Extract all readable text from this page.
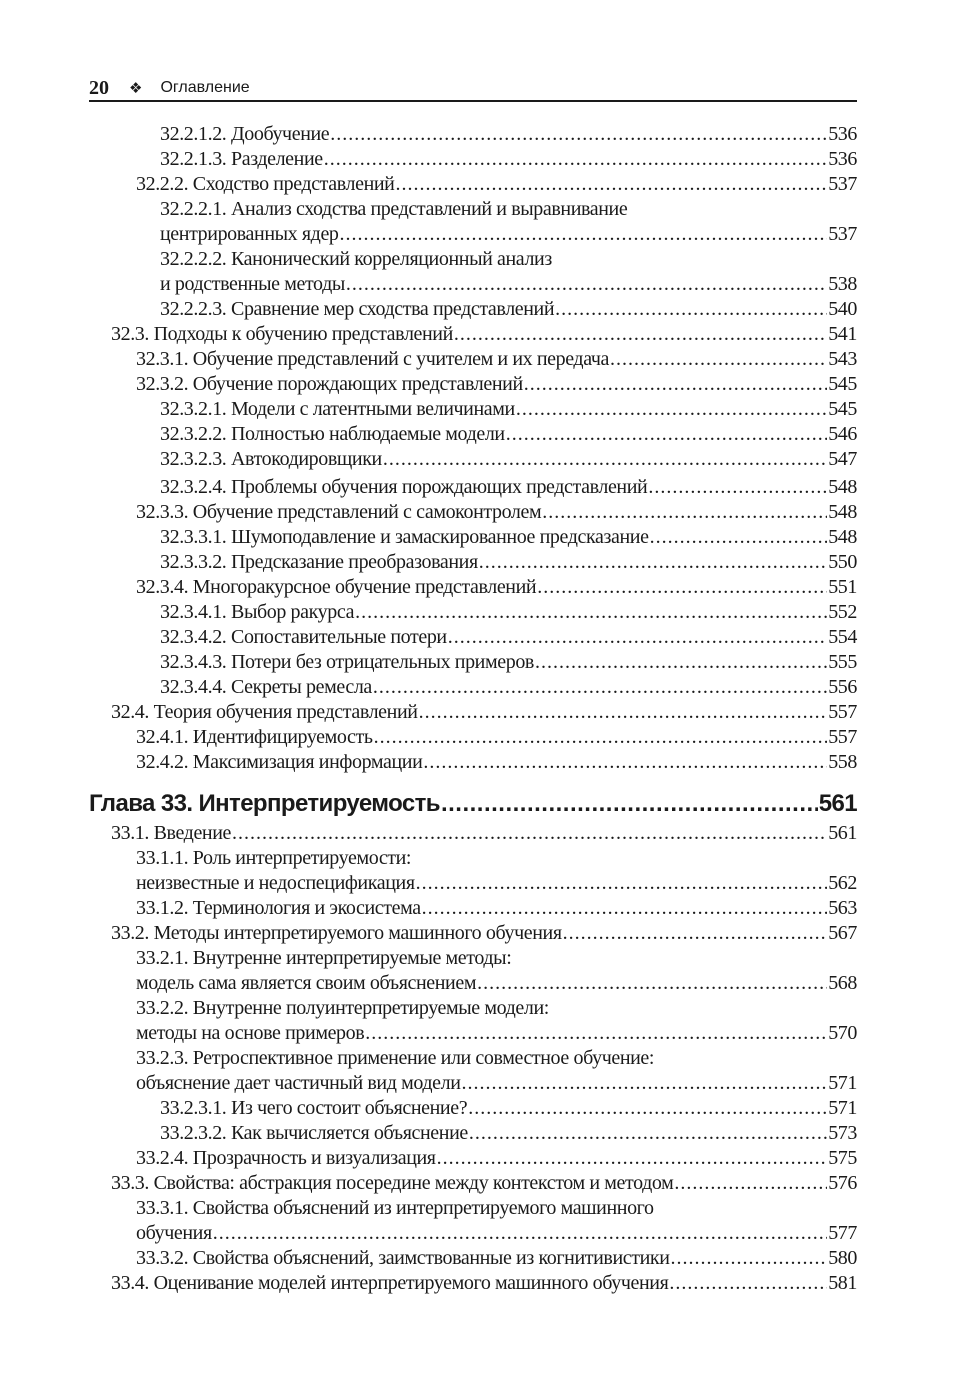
20 ❖ Оглавление
32.2.1.2. Дообучение .....	536
32.2.1.3. Разделение .....	536
32.2.2. Сходство представлений .....	537
32.2.2.1. Анализ сходства представлений и выравнивание
центрированных ядер .....	537
32.2.2.2. Канонический корреляционный анализ
и родственные методы .....	538
32.2.2.3. Сравнение мер сходства представлений .....	540
32.3. Подходы к обучению представлений .....	541
32.3.1. Обучение представлений с учителем и их передача .....	543
32.3.2. Обучение порождающих представлений .....	545
32.3.2.1. Модели с латентными величинами .....	545
32.3.2.2. Полностью наблюдаемые модели .....	546
32.3.2.3. Автокодировщики .....	547
32.3.2.4. Проблемы обучения порождающих представлений .....	548
32.3.3. Обучение представлений с самоконтролем .....	548
32.3.3.1. Шумоподавление и замаскированное предсказание .....	548
32.3.3.2. Предсказание преобразования .....	550
32.3.4. Многоракурсное обучение представлений .....	551
32.3.4.1. Выбор ракурса .....	552
32.3.4.2. Сопоставительные потери .....	554
32.3.4.3. Потери без отрицательных примеров .....	555
32.3.4.4. Секреты ремесла .....	556
32.4. Теория обучения представлений .....	557
32.4.1. Идентифицируемость .....	557
32.4.2. Максимизация информации .....	558
Глава 33. Интерпретируемость .....	561
33.1. Введение .....	561
33.1.1. Роль интерпретируемости:
неизвестные и недоспецификация .....	562
33.1.2. Терминология и экосистема .....	563
33.2. Методы интерпретируемого машинного обучения .....	567
33.2.1. Внутренне интерпретируемые методы:
модель сама является своим объяснением .....	568
33.2.2. Внутренне полуинтерпретируемые модели:
методы на основе примеров .....	570
33.2.3. Ретроспективное применение или совместное обучение:
объяснение дает частичный вид модели .....	571
33.2.3.1. Из чего состоит объяснение? .....	571
33.2.3.2. Как вычисляется объяснение .....	573
33.2.4. Прозрачность и визуализация .....	575
33.3. Свойства: абстракция посередине между контекстом и методом .....	576
33.3.1. Свойства объяснений из интерпретируемого машинного
обучения .....	577
33.3.2. Свойства объяснений, заимствованные из когнитивистики .....	580
33.4. Оценивание моделей интерпретируемого машинного обучения .....	581
